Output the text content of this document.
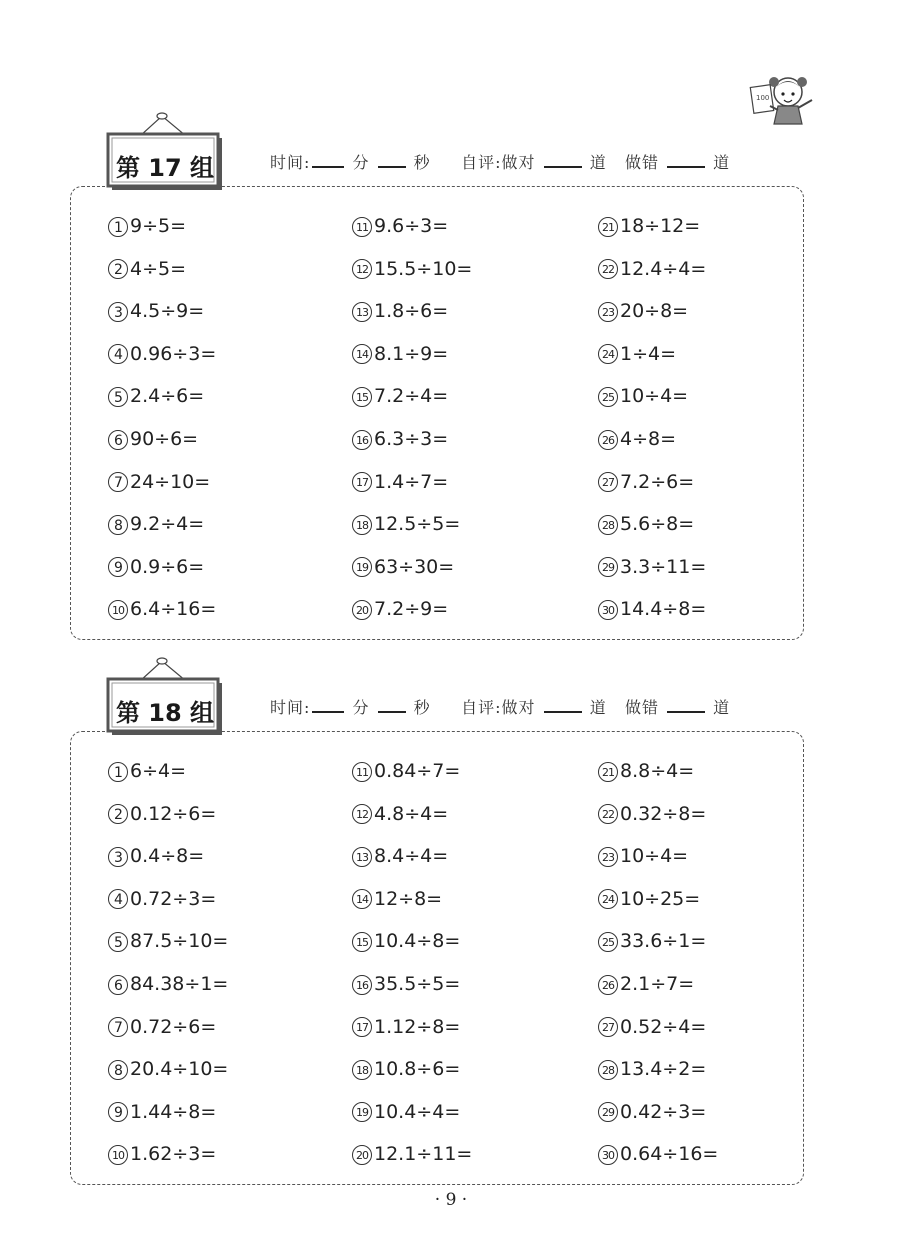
100
第 17 组	时间: 分  秒     自评:做对	道   做错	道
1 9÷5=
2 4÷5=
3 4.5÷9=
4 0.96÷3=
5 2.4÷6=
6 90÷6=
7 24÷10=
8 9.2÷4=
9 0.9÷6=
10 6.4÷16=
11 9.6÷3=
12 15.5÷10=
13 1.8÷6=
14 8.1÷9=
15 7.2÷4=
16 6.3÷3=
17 1.4÷7=
18 12.5÷5=
19 63÷30=
20 7.2÷9=
21 18÷12=
22 12.4÷4=
23 20÷8=
24 1÷4=
25 10÷4=
26 4÷8=
27 7.2÷6=
28 5.6÷8=
29 3.3÷11=
30 14.4÷8=
第 18 组	时间: 分  秒     自评:做对	道   做错	道
1 6÷4=
2 0.12÷6=
3 0.4÷8=
4 0.72÷3=
5 87.5÷10=
6 84.38÷1=
7 0.72÷6=
8 20.4÷10=
9 1.44÷8=
10 1.62÷3=
11 0.84÷7=
12 4.8÷4=
13 8.4÷4=
14 12÷8=
15 10.4÷8=
16 35.5÷5=
17 1.12÷8=
18 10.8÷6=
19 10.4÷4=
20 12.1÷11=
21 8.8÷4=
22 0.32÷8=
23 10÷4=
24 10÷25=
25 33.6÷1=
26 2.1÷7=
27 0.52÷4=
28 13.4÷2=
29 0.42÷3=
30 0.64÷16=
· 9 ·
